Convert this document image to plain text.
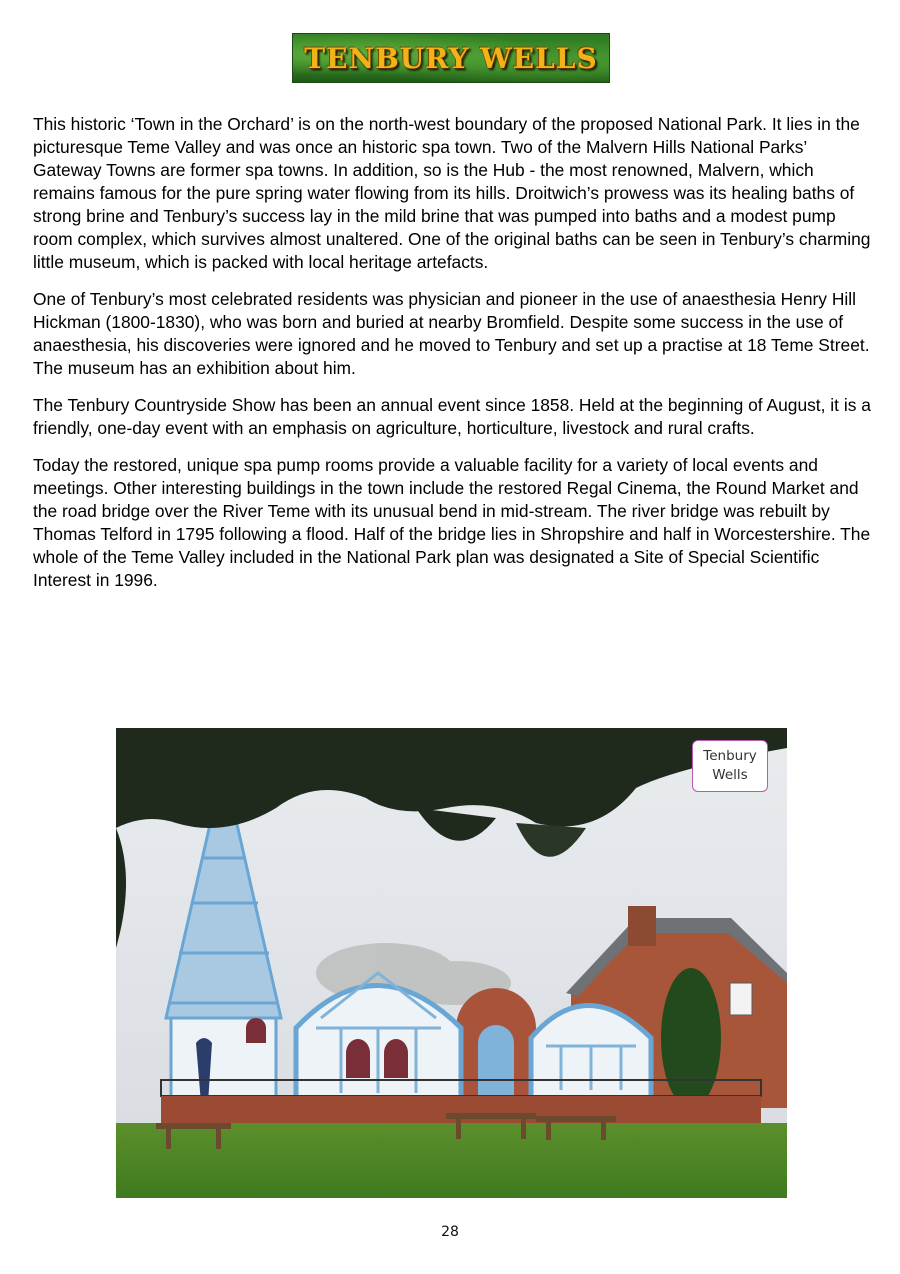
TENBURY WELLS

This historic ‘Town in the Orchard’ is on the north-west boundary of the proposed National Park. It lies in the picturesque Teme Valley and was once an historic spa town. Two of the Malvern Hills National Parks’ Gateway Towns are former spa towns. In addition, so is the Hub - the most renowned, Malvern, which remains famous for the pure spring water flowing from its hills. Droitwich’s prowess was its healing baths of strong brine and Tenbury’s success lay in the mild brine that was pumped into baths and a modest pump room complex, which survives almost unaltered. One of the original baths can be seen in Tenbury’s charming little museum, which is packed with local heritage artefacts.

One of Tenbury’s most celebrated residents was physician and pioneer in the use of anaesthesia Henry Hill Hickman (1800-1830), who was born and buried at nearby Bromfield. Despite some success in the use of anaesthesia, his discoveries were ignored and he moved to Tenbury and set up a practise at 18 Teme Street. The museum has an exhibition about him.

The Tenbury Countryside Show has been an annual event since 1858. Held at the beginning of August, it is a friendly, one-day event with an emphasis on agriculture, horticulture, livestock and rural crafts.

Today the restored, unique spa pump rooms provide a valuable facility for a variety of local events and meetings. Other interesting buildings in the town include the restored Regal Cinema, the Round Market and the road bridge over the River Teme with its unusual bend in mid-stream. The river bridge was rebuilt by Thomas Telford in 1795 following a flood. Half of the bridge lies in Shropshire and half in Worcestershire. The whole of the Teme Valley included in the National Park plan was designated a Site of Special Scientific Interest in 1996.

Tenbury
Wells
28
